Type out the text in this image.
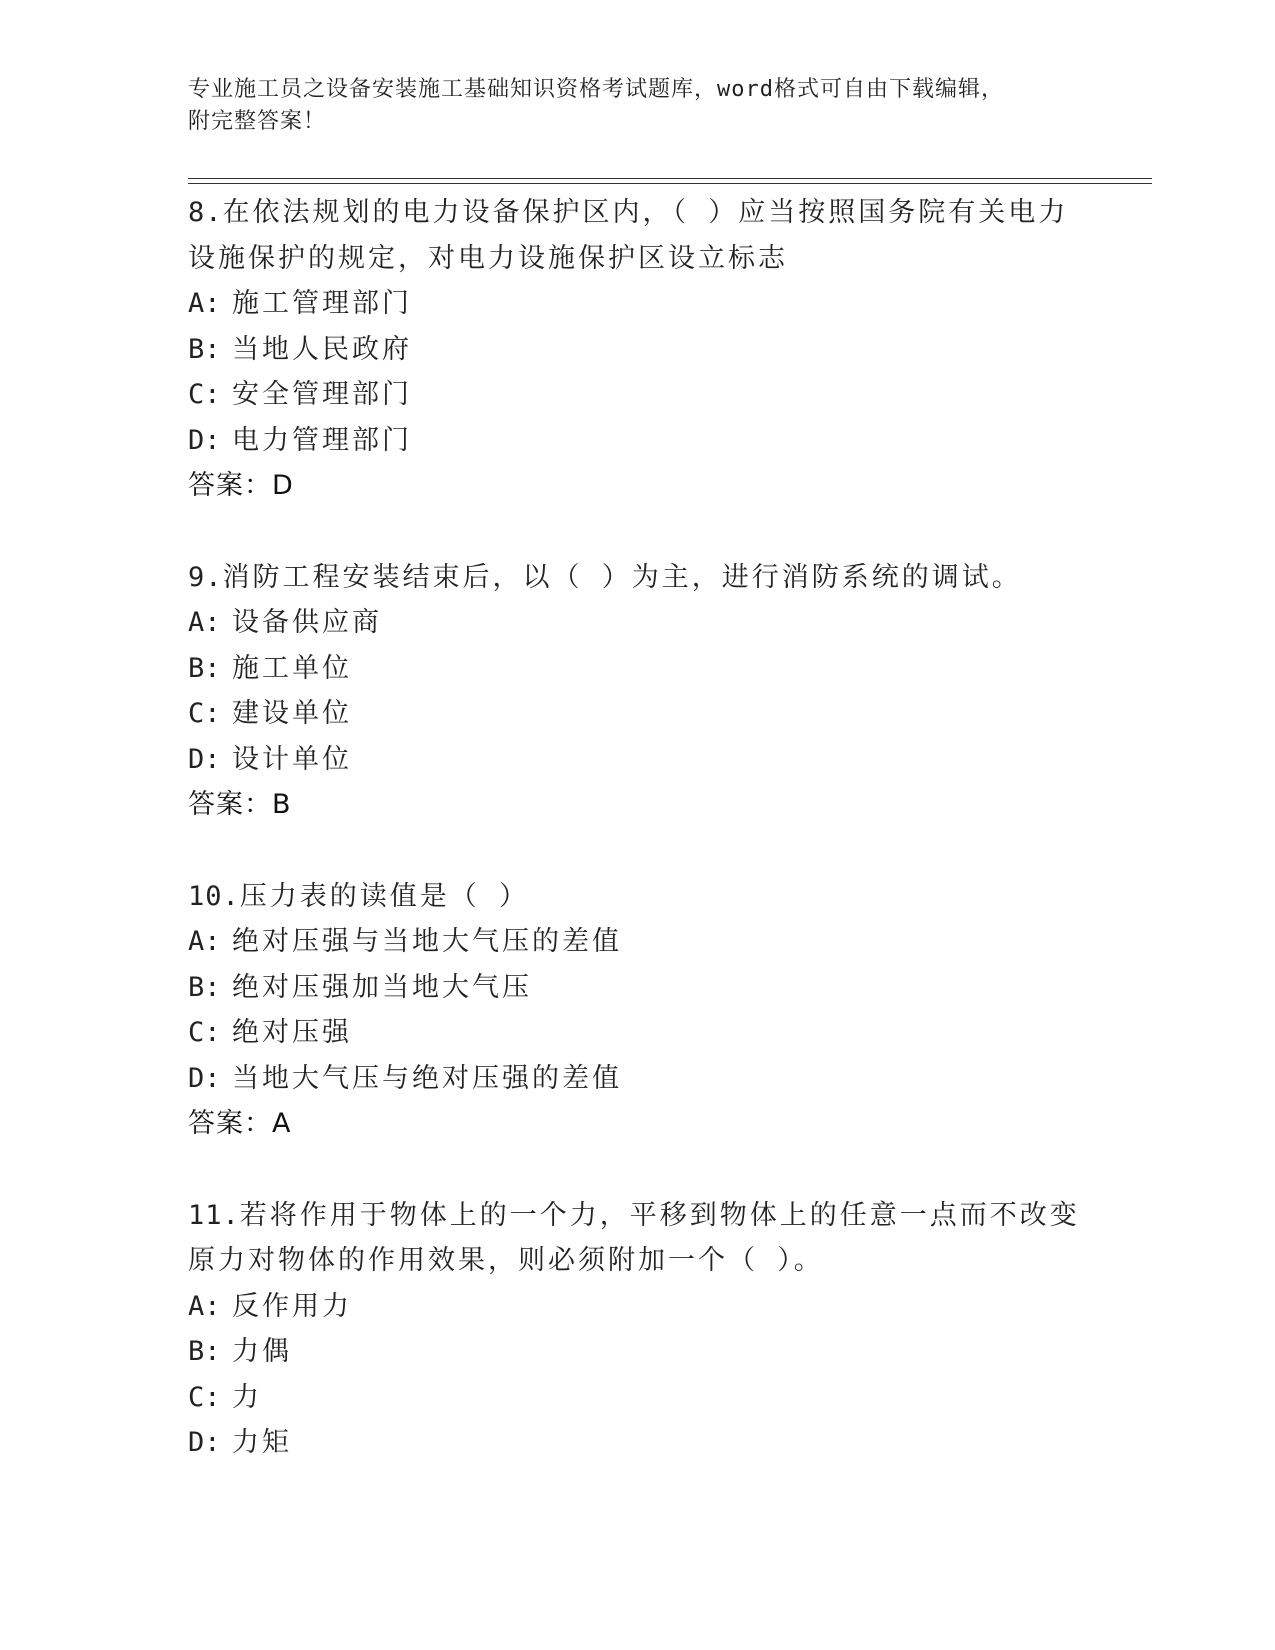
专业施工员之设备安装施工基础知识资格考试题库，word格式可自由下载编辑，
附完整答案！

8.在依法规划的电力设备保护区内，（ ）应当按照国务院有关电力设施保护的规定，对电力设施保护区设立标志

A: 施工管理部门
B: 当地人民政府
C: 安全管理部门
D: 电力管理部门
答案：D

9.消防工程安装结束后，以（ ）为主，进行消防系统的调试。

A: 设备供应商
B: 施工单位
C: 建设单位
D: 设计单位
答案：B

10.压力表的读值是（ ）

A: 绝对压强与当地大气压的差值
B: 绝对压强加当地大气压
C: 绝对压强
D: 当地大气压与绝对压强的差值
答案：A

11.若将作用于物体上的一个力，平移到物体上的任意一点而不改变原力对物体的作用效果，则必须附加一个（ ）。

A: 反作用力
B: 力偶
C: 力
D: 力矩
